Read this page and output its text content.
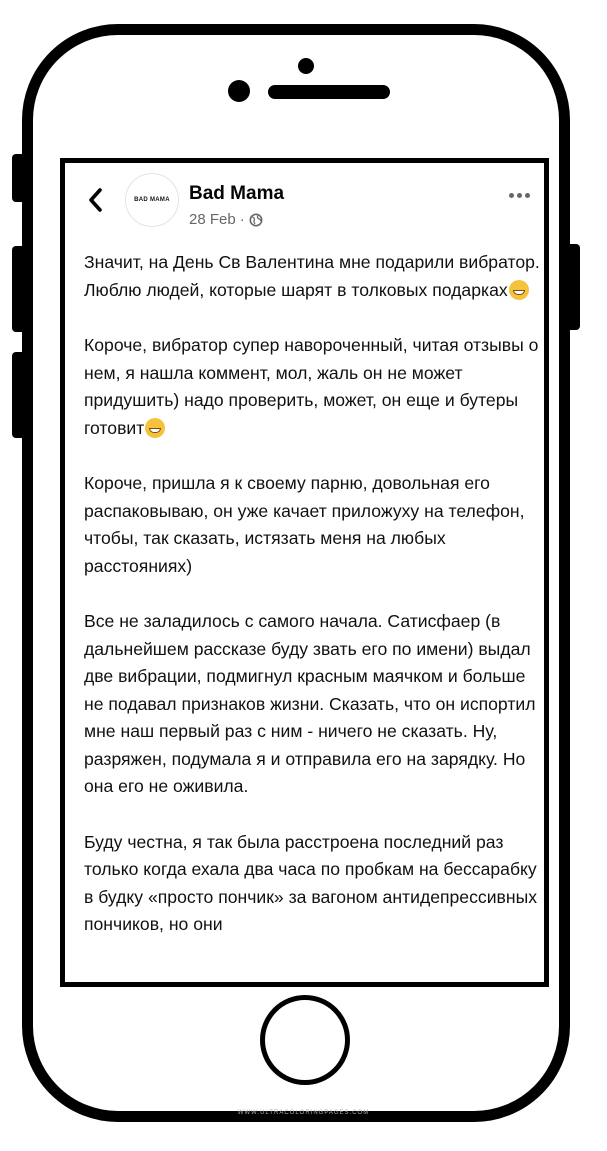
WWW.ULTRACOLORINGPAGES.COM
BAD MAMA Bad Mama
28 Feb ·

Значит, на День Св Валентина мне подарили вибратор. Люблю людей, которые шарят в толковых подарках

Короче, вибратор супер навороченный, читая отзывы о нем, я нашла коммент, мол, жаль он не может придушить) надо проверить, может, он еще и бутеры готовит

Короче, пришла я к своему парню, довольная его распаковываю, он уже качает приложуху на телефон, чтобы, так сказать, истязать меня на любых расстояниях)

Все не заладилось с самого начала. Сатисфаер (в дальнейшем рассказе буду звать его по имени) выдал две вибрации, подмигнул красным маячком и больше не подавал признаков жизни. Сказать, что он испортил мне наш первый раз с ним - ничего не сказать. Ну, разряжен, подумала я и отправила его на зарядку. Но она его не оживила.

Буду честна, я так была расстроена последний раз только когда ехала два часа по пробкам на бессарабку в будку «просто пончик» за вагоном антидепрессивных пончиков, но они
